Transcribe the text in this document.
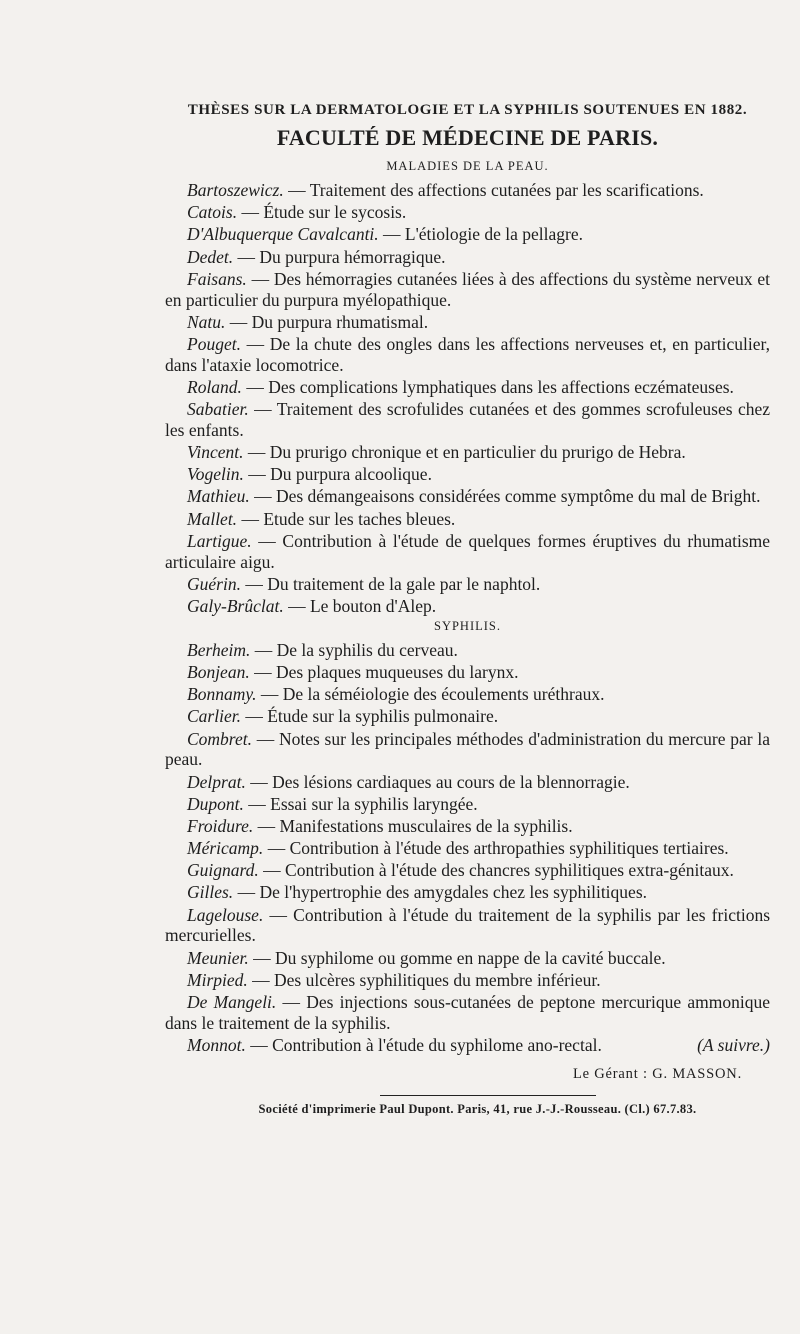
THÈSES SUR LA DERMATOLOGIE ET LA SYPHILIS SOUTENUES EN 1882.
FACULTÉ DE MÉDECINE DE PARIS.
MALADIES DE LA PEAU.
Bartoszewicz. — Traitement des affections cutanées par les scarifications.
Catois. — Étude sur le sycosis.
D'Albuquerque Cavalcanti. — L'étiologie de la pellagre.
Dedet. — Du purpura hémorragique.
Faisans. — Des hémorragies cutanées liées à des affections du système nerveux et en particulier du purpura myélopathique.
Natu. — Du purpura rhumatismal.
Pouget. — De la chute des ongles dans les affections nerveuses et, en particulier, dans l'ataxie locomotrice.
Roland. — Des complications lymphatiques dans les affections eczémateuses.
Sabatier. — Traitement des scrofulides cutanées et des gommes scrofuleuses chez les enfants.
Vincent. — Du prurigo chronique et en particulier du prurigo de Hebra.
Vogelin. — Du purpura alcoolique.
Mathieu. — Des démangeaisons considérées comme symptôme du mal de Bright.
Mallet. — Etude sur les taches bleues.
Lartigue. — Contribution à l'étude de quelques formes éruptives du rhumatisme articulaire aigu.
Guérin. — Du traitement de la gale par le naphtol.
Galy-Brûclat. — Le bouton d'Alep.
SYPHILIS.
Berheim. — De la syphilis du cerveau.
Bonjean. — Des plaques muqueuses du larynx.
Bonnamy. — De la séméiologie des écoulements uréthraux.
Carlier. — Étude sur la syphilis pulmonaire.
Combret. — Notes sur les principales méthodes d'administration du mercure par la peau.
Delprat. — Des lésions cardiaques au cours de la blennorragie.
Dupont. — Essai sur la syphilis laryngée.
Froidure. — Manifestations musculaires de la syphilis.
Méricamp. — Contribution à l'étude des arthropathies syphilitiques tertiaires.
Guignard. — Contribution à l'étude des chancres syphilitiques extra-génitaux.
Gilles. — De l'hypertrophie des amygdales chez les syphilitiques.
Lagelouse. — Contribution à l'étude du traitement de la syphilis par les frictions mercurielles.
Meunier. — Du syphilome ou gomme en nappe de la cavité buccale.
Mirpied. — Des ulcères syphilitiques du membre inférieur.
De Mangeli. — Des injections sous-cutanées de peptone mercurique ammonique dans le traitement de la syphilis.
Monnot. — Contribution à l'étude du syphilome ano-rectal.	(A suivre.)
Le Gérant : G. MASSON.
Société d'imprimerie Paul Dupont. Paris, 41, rue J.-J.-Rousseau. (Cl.) 67.7.83.
